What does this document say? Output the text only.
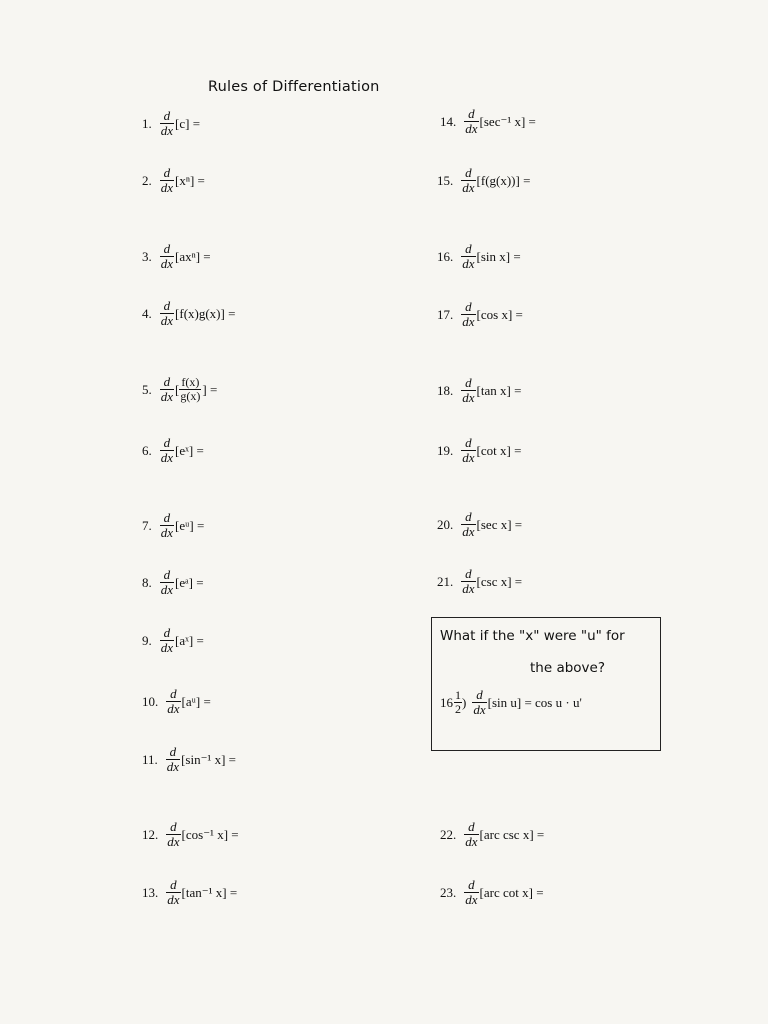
Rules of Differentiation
1. $\frac{d}{dx} [c]$ =
2. $\frac{d}{dx} [x^n]$ =
3. $\frac{d}{dx} [ax^n]$ =
4. $\frac{d}{dx} [f(x)g(x)]$ =
5. $\frac{d}{dx}$ [ $\frac{f(x)}{g(x)}$ ] =
6. $\frac{d}{dx}$ [eˣ] =
7. $\frac{d}{dx}$ [eᵘ] =
8. $\frac{d}{dx}$ [eᵃ] =
9. $\frac{d}{dx}$ [aˣ] =
10. $\frac{d}{dx}$ [aᵘ] =
11. $\frac{d}{dx} [\sin^{-1}$ x] =
12. $\frac{d}{dx} [\cos^{-1}$ x] =
13. $\frac{d}{dx} [\tan^{-1}$ x] =
14. $\frac{d}{dx} [\sec^{-1}$ x] =
15. $\frac{d}{dx} [f(g(x))]$ =
16. $\frac{d}{dx} [\sin$ x] =
17. $\frac{d}{dx} [\cos$ x] =
18. $\frac{d}{dx} [\tan$ x] =
19. $\frac{d}{dx} [\cot$ x] =
20. $\frac{d}{dx} [\sec$ x] =
21. $\frac{d}{dx} [\csc$ x] =
What if the "x" were "u" for
the above?
$16 \frac{1}{2}$ ) $\frac{d}{dx} [\sin$ u] = cos u · u'
22. $\frac{d}{dx} [arc$ csc x] =
23. $\frac{d}{dx} [arc$ cot x] =
